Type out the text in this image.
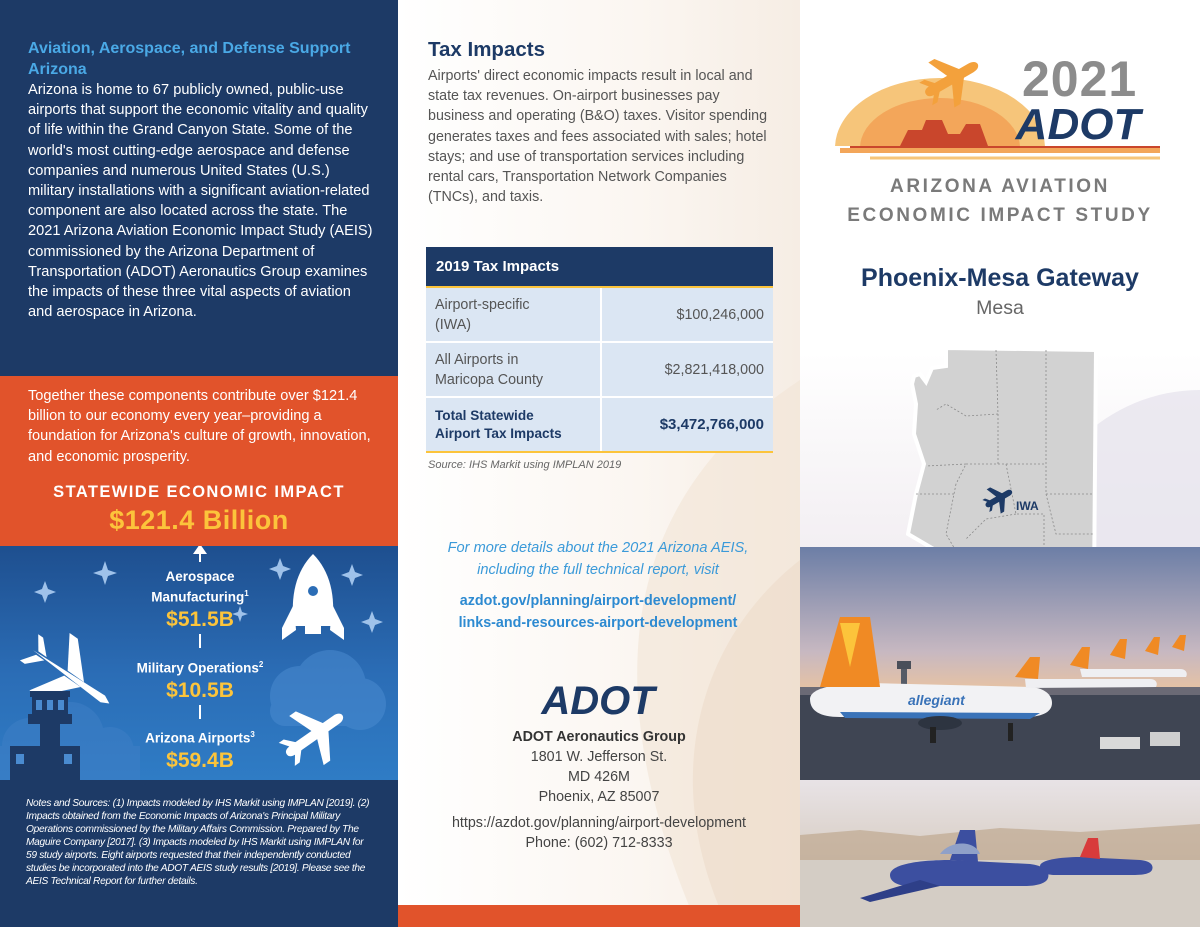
Aviation, Aerospace, and Defense Support Arizona

Arizona is home to 67 publicly owned, public-use airports that support the economic vitality and quality of life within the Grand Canyon State. Some of the world's most cutting-edge aerospace and defense companies and numerous United States (U.S.) military installations with a significant aviation-related component are also located across the state. The 2021 Arizona Aviation Economic Impact Study (AEIS) commissioned by the Arizona Department of Transportation (ADOT) Aeronautics Group examines the impacts of these three vital aspects of aviation and aerospace in Arizona.

Together these components contribute over $121.4 billion to our economy every year–providing a foundation for Arizona's culture of growth, innovation, and economic prosperity.

STATEWIDE ECONOMIC IMPACT
$121.4 Billion
Aerospace
Manufacturing$^1$
$51.5B
Military Operations$^2$
$10.5B
Arizona Airports$^3$
$59.4B
Notes and Sources: (1) Impacts modeled by IHS Markit using IMPLAN [2019]. (2) Impacts obtained from the Economic Impacts of Arizona's Principal Military Operations commissioned by the Military Affairs Commission. Prepared by The Maguire Company [2017]. (3) Impacts modeled by IHS Markit using IMPLAN for 59 study airports. Eight airports requested that their independently conducted studies be incorporated into the ADOT AEIS study results [2019]. Please see the AEIS Technical Report for further details.
Tax Impacts
Airports' direct economic impacts result in local and state tax revenues. On-airport businesses pay business and operating (B&O) taxes. Visitor spending generates taxes and fees associated with sales; hotel stays; and use of transportation services including rental cars, Transportation Network Companies (TNCs), and taxis.
2019 Tax Impacts	

Airport-specific
(IWA)	$100,246,000

All Airports in
Maricopa County	$2,821,418,000

Total Statewide
Airport Tax Impacts	$3,472,766,000
Source: IHS Markit using IMPLAN 2019
For more details about the 2021 Arizona AEIS,
including the full technical report, visit
azdot.gov/planning/airport-development/
links-and-resources-airport-development
ADOT
ADOT Aeronautics Group
1801 W. Jefferson St.
MD 426M
Phoenix, AZ 85007
https://azdot.gov/planning/airport-development
Phone: (602) 712-8333
ADOT
2021
ARIZONA AVIATION
ECONOMIC IMPACT STUDY
Phoenix-Mesa Gateway
Mesa
IWA
allegiant
